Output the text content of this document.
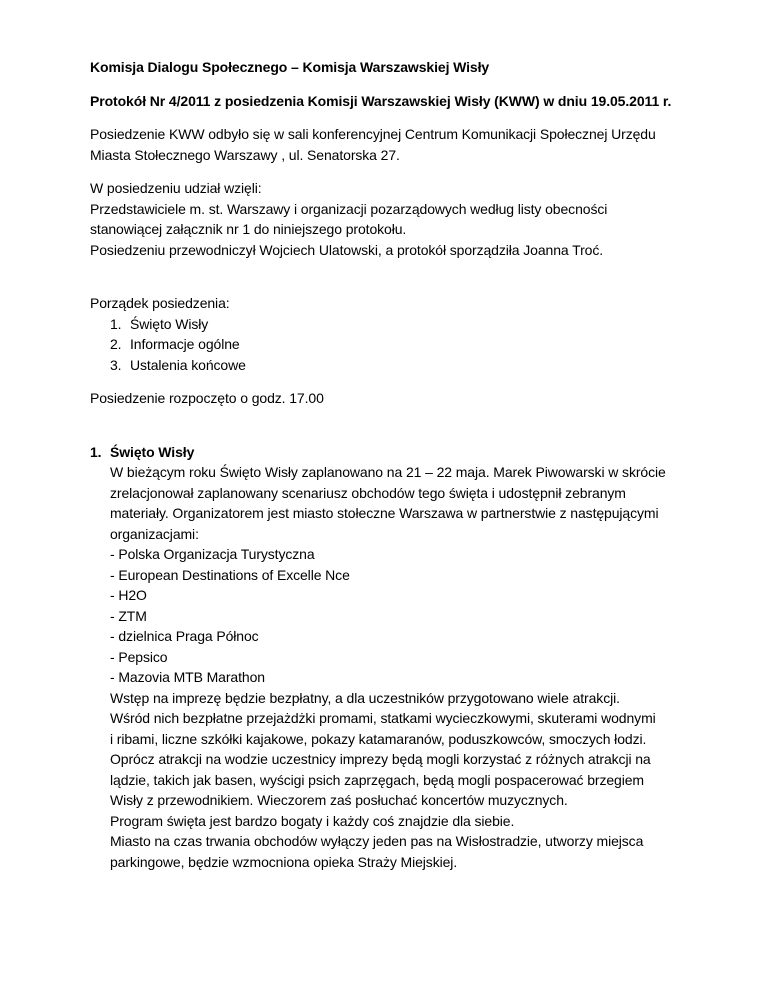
Komisja Dialogu Społecznego – Komisja Warszawskiej Wisły
Protokół Nr 4/2011 z posiedzenia Komisji Warszawskiej Wisły (KWW) w dniu 19.05.2011 r.
Posiedzenie KWW odbyło się w sali konferencyjnej Centrum Komunikacji Społecznej Urzędu
Miasta Stołecznego Warszawy , ul. Senatorska 27.
W posiedzeniu udział wzięli:
Przedstawiciele m. st. Warszawy i organizacji pozarządowych według listy obecności
stanowiącej załącznik nr 1 do niniejszego protokołu.
Posiedzeniu przewodniczył Wojciech Ulatowski, a protokół sporządziła Joanna Troć.
Porządek posiedzenia:
1. Święto Wisły
2. Informacje ogólne
3. Ustalenia końcowe
Posiedzenie rozpoczęto o godz. 17.00
1. Święto Wisły
W bieżącym roku Święto Wisły zaplanowano na 21 – 22 maja. Marek Piwowarski w skrócie
zrelacjonował zaplanowany scenariusz obchodów tego święta i udostępnił zebranym
materiały. Organizatorem jest miasto stołeczne Warszawa w partnerstwie z następującymi
organizacjami:
- Polska Organizacja Turystyczna
- European Destinations of Excelle Nce
- H2O
- ZTM
- dzielnica Praga Północ
- Pepsico
- Mazovia MTB Marathon
Wstęp na imprezę będzie bezpłatny, a dla uczestników przygotowano wiele atrakcji.
Wśród nich bezpłatne przejażdżki promami, statkami wycieczkowymi, skuterami wodnymi
i ribami, liczne szkółki kajakowe, pokazy katamaranów, poduszkowców, smoczych łodzi.
Oprócz atrakcji na wodzie uczestnicy imprezy będą mogli korzystać z różnych atrakcji na
lądzie, takich jak basen, wyścigi psich zaprzęgach, będą mogli pospacerować brzegiem
Wisły z przewodnikiem. Wieczorem zaś posłuchać koncertów muzycznych.
Program święta jest bardzo bogaty i każdy coś znajdzie dla siebie.
Miasto na czas trwania obchodów wyłączy jeden pas na Wisłostradzie, utworzy miejsca
parkingowe, będzie wzmocniona opieka Straży Miejskiej.
